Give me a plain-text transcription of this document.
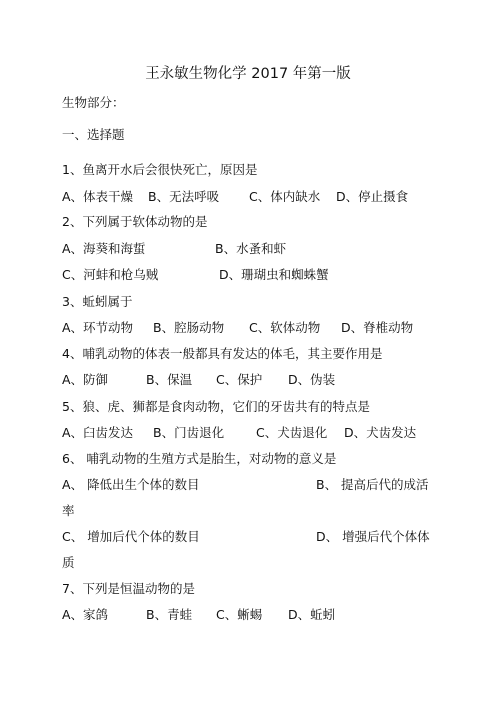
王永敏生物化学 2017 年第一版
生物部分：
一、选择题
1、鱼离开水后会很快死亡，原因是
A、体表干燥 B、无法呼吸 C、体内缺水 D、停止摄食
2、下列属于软体动物的是
A、海葵和海蜇	B、水蚤和虾
C、河蚌和枪乌贼	D、珊瑚虫和蜘蛛蟹
3、蚯蚓属于
A、环节动物 B、腔肠动物 C、软体动物 D、脊椎动物
4、哺乳动物的体表一般都具有发达的体毛，其主要作用是
A、防御	B、保温 C、保护 D、伪装
5、狼、虎、狮都是食肉动物，它们的牙齿共有的特点是
A、臼齿发达 B、门齿退化	C、犬齿退化 D、犬齿发达
6、 哺乳动物的生殖方式是胎生，对动物的意义是
A、 降低出生个体的数目	B、 提高后代的成活
率
C、 增加后代个体的数目	D、 增强后代个体体
质
7、下列是恒温动物的是
A、家鸽	B、青蛙 C、蜥蜴 D、蚯蚓
